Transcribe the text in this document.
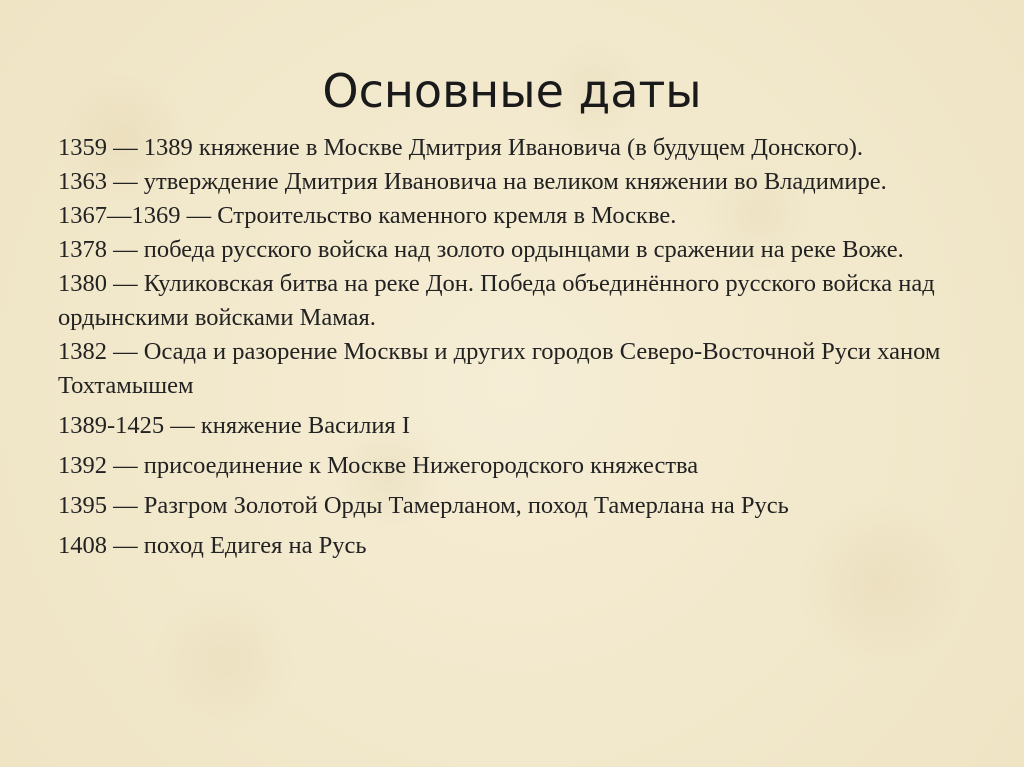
Основные даты

1359 — 1389 княжение в Москве Дмитрия Ивановича (в будущем Донского).

1363 — утверждение Дмитрия Ивановича на великом княжении во Владимире.

1367—1369 — Строительство каменного кремля в Москве.

1378 — победа русского войска над золото ордынцами в сражении на реке Воже.

1380 — Куликовская битва на реке Дон. Победа объединённого русского войска над ордынскими войсками Мамая.

1382 — Осада и разорение Москвы и других городов Северо-Восточной Руси ханом Тохтамышем

1389-1425 — княжение Василия I

1392 — присоединение к Москве Нижегородского княжества

1395 — Разгром Золотой Орды Тамерланом, поход Тамерлана на Русь

1408 — поход Едигея на Русь
